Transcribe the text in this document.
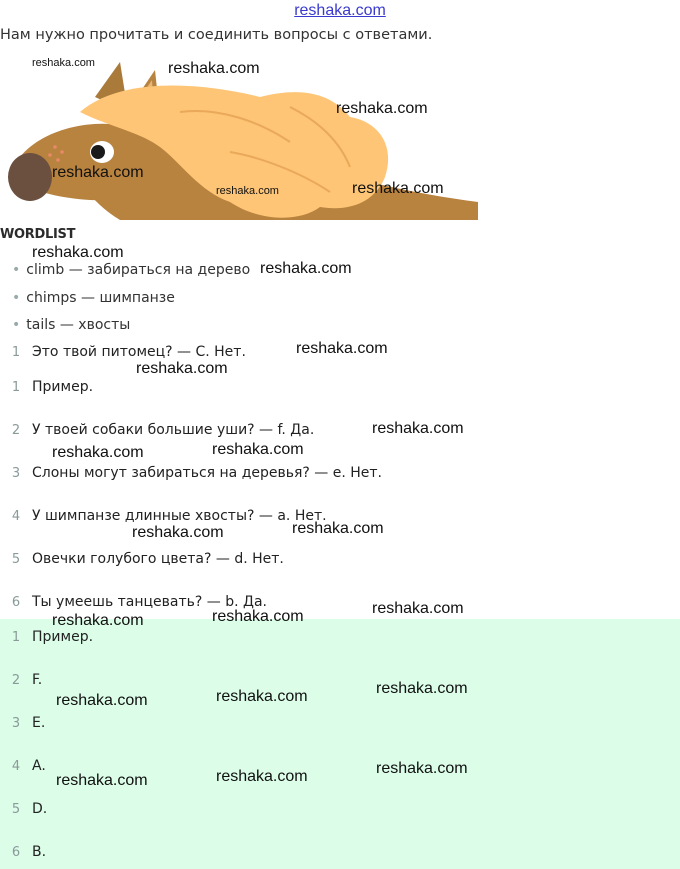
reshaka.com
Нам нужно прочитать и соединить вопросы с ответами.
WORDLIST
• climb — забираться на дерево
• chimps — шимпанзе
• tails — хвосты
1 Это твой питомец? — С. Нет.
1 Пример.
2 У твоей собаки большие уши? — f. Да.
3 Слоны могут забираться на деревья? — е. Нет.
4 У шимпанзе длинные хвосты? — а. Нет.
5 Овечки голубого цвета? — d. Нет.
6 Ты умеешь танцевать? — b. Да.
1 Пример.
2 F.
3 E.
4 A.
5 D.
6 B.
reshaka.com	reshaka.com
reshaka.com
reshaka.com
reshaka.com	reshaka.com
reshaka.com
reshaka.com
reshaka.com
reshaka.com
reshaka.com
reshaka.com
reshaka.com
reshaka.com
reshaka.com
reshaka.com
reshaka.com
reshaka.com
reshaka.com
reshaka.com
reshaka.com
reshaka.com
reshaka.com
reshaka.com
